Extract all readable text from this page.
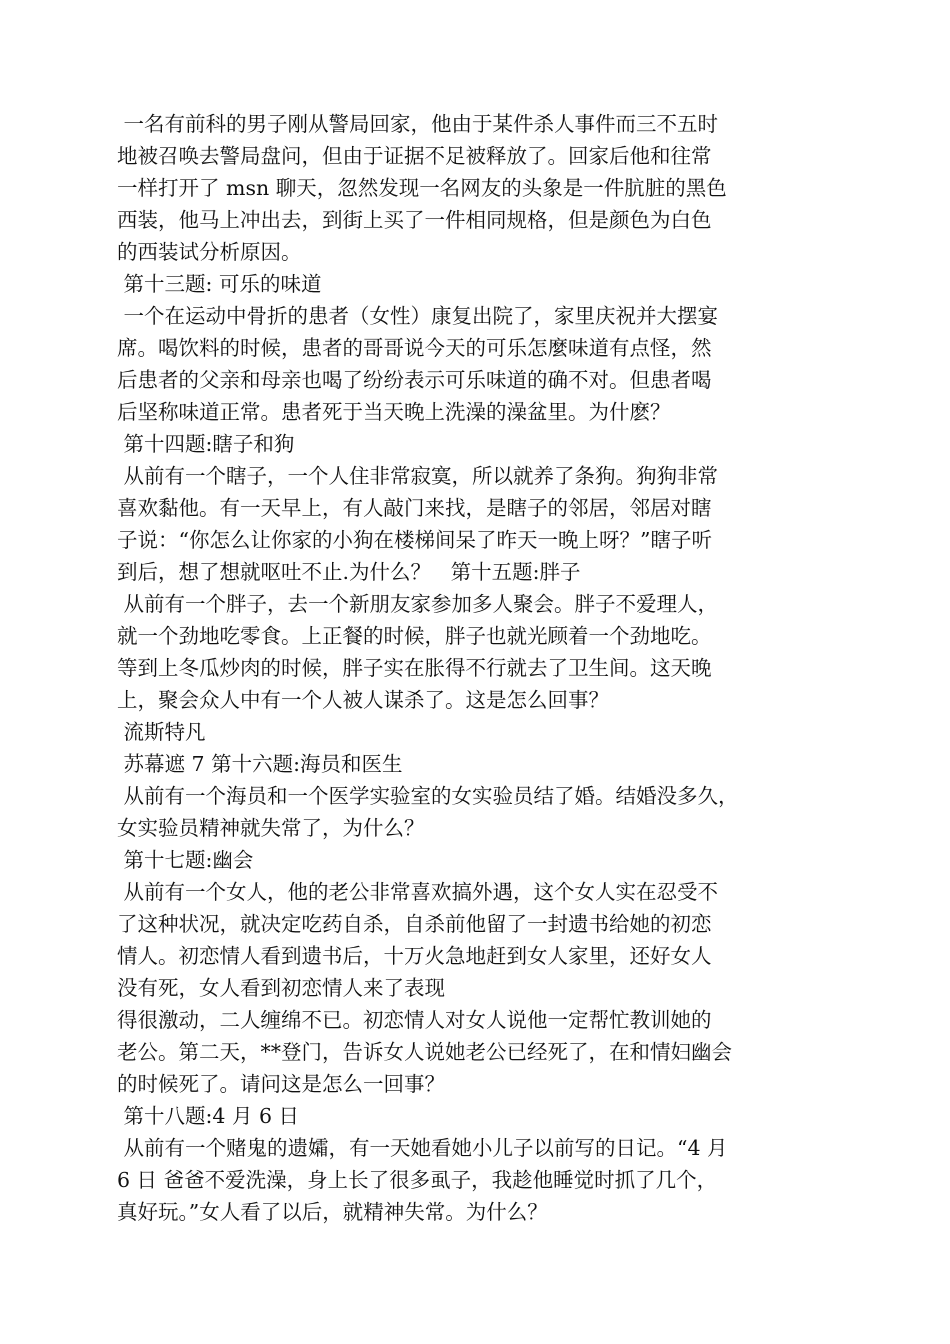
一名有前科的男子刚从警局回家，他由于某件杀人事件而三不五时
地被召唤去警局盘问，但由于证据不足被释放了。回家后他和往常
一样打开了 msn 聊天，忽然发现一名网友的头象是一件肮脏的黑色
西装，他马上冲出去，到街上买了一件相同规格，但是颜色为白色
的西装试分析原因。
第十三题: 可乐的味道
一个在运动中骨折的患者（女性）康复出院了，家里庆祝并大摆宴
席。喝饮料的时候，患者的哥哥说今天的可乐怎麼味道有点怪，然
后患者的父亲和母亲也喝了纷纷表示可乐味道的确不对。但患者喝
后坚称味道正常。患者死于当天晚上洗澡的澡盆里。为什麽？
第十四题:瞎子和狗
从前有一个瞎子，一个人住非常寂寞，所以就养了条狗。狗狗非常
喜欢黏他。有一天早上，有人敲门来找，是瞎子的邻居，邻居对瞎
子说：“你怎么让你家的小狗在楼梯间呆了昨天一晚上呀？”瞎子听
到后，想了想就呕吐不止.为什么？   第十五题:胖子
从前有一个胖子，去一个新朋友家参加多人聚会。胖子不爱理人，
就一个劲地吃零食。上正餐的时候，胖子也就光顾着一个劲地吃。
等到上冬瓜炒肉的时候，胖子实在胀得不行就去了卫生间。这天晚
上，聚会众人中有一个人被人谋杀了。这是怎么回事？
流斯特凡
苏幕遮 7 第十六题:海员和医生
从前有一个海员和一个医学实验室的女实验员结了婚。结婚没多久，
女实验员精神就失常了，为什么？
第十七题:幽会
从前有一个女人，他的老公非常喜欢搞外遇，这个女人实在忍受不
了这种状况，就决定吃药自杀，自杀前他留了一封遗书给她的初恋
情人。初恋情人看到遗书后，十万火急地赶到女人家里，还好女人
没有死，女人看到初恋情人来了表现
得很激动，二人缠绵不已。初恋情人对女人说他一定帮忙教训她的
老公。第二天，**登门，告诉女人说她老公已经死了，在和情妇幽会
的时候死了。请问这是怎么一回事？
第十八题:4 月 6 日
从前有一个赌鬼的遗孀，有一天她看她小儿子以前写的日记。“4 月
6 日 爸爸不爱洗澡，身上长了很多虱子，我趁他睡觉时抓了几个，
真好玩。”女人看了以后，就精神失常。为什么？
